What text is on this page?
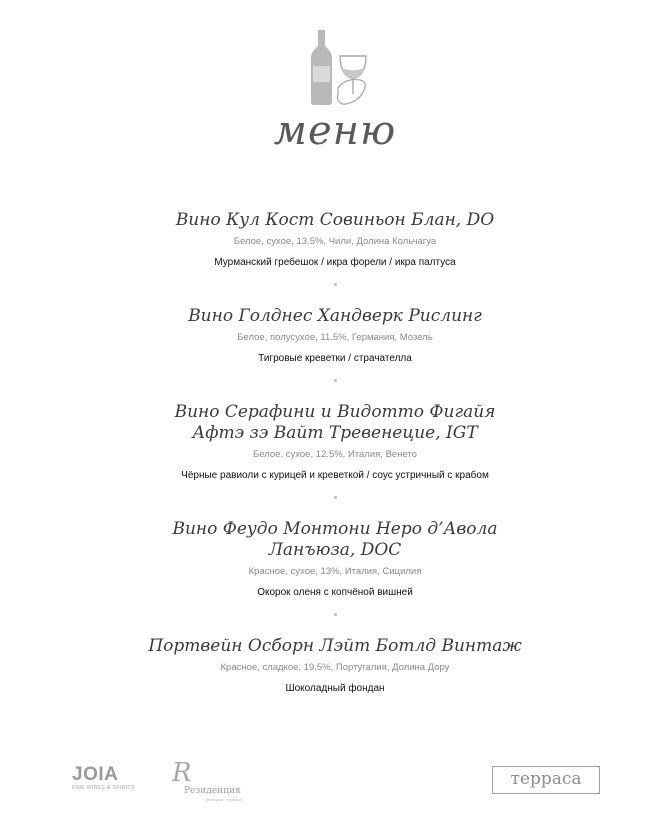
меню
Вино Кул Кост Совиньон Блан, DO
Белое, сухое, 13.5%, Чили, Долина Кольчагуа
Мурманский гребешок / икра форели / икра палтуса
Вино Голднес Хандверк Рислинг
Белое, полусухое, 11.5%, Германия, Мозель
Тигровые креветки / страчателла
Вино Серафини и Видотто Фигайя
Афтэ зэ Вайт Тревенецие, IGT
Белое, сухое, 12.5%, Италия, Венето
Чёрные равиоли с курицей и креветкой / соус устричный с крабом
Вино Феудо Монтони Неро д’Авола
Ланъюза, DOC
Красное, сухое, 13%, Италия, Сицилия
Окорок оленя с копчёной вишней
Портвейн Осборн Лэйт Ботлд Винтаж
Красное, сладкое, 19.5%, Португалия, Долина Дору
Шоколадный фондан
JOIA
FINE WINES & SPIRITS R
Резиденция
ресторан · терраса
терраса
